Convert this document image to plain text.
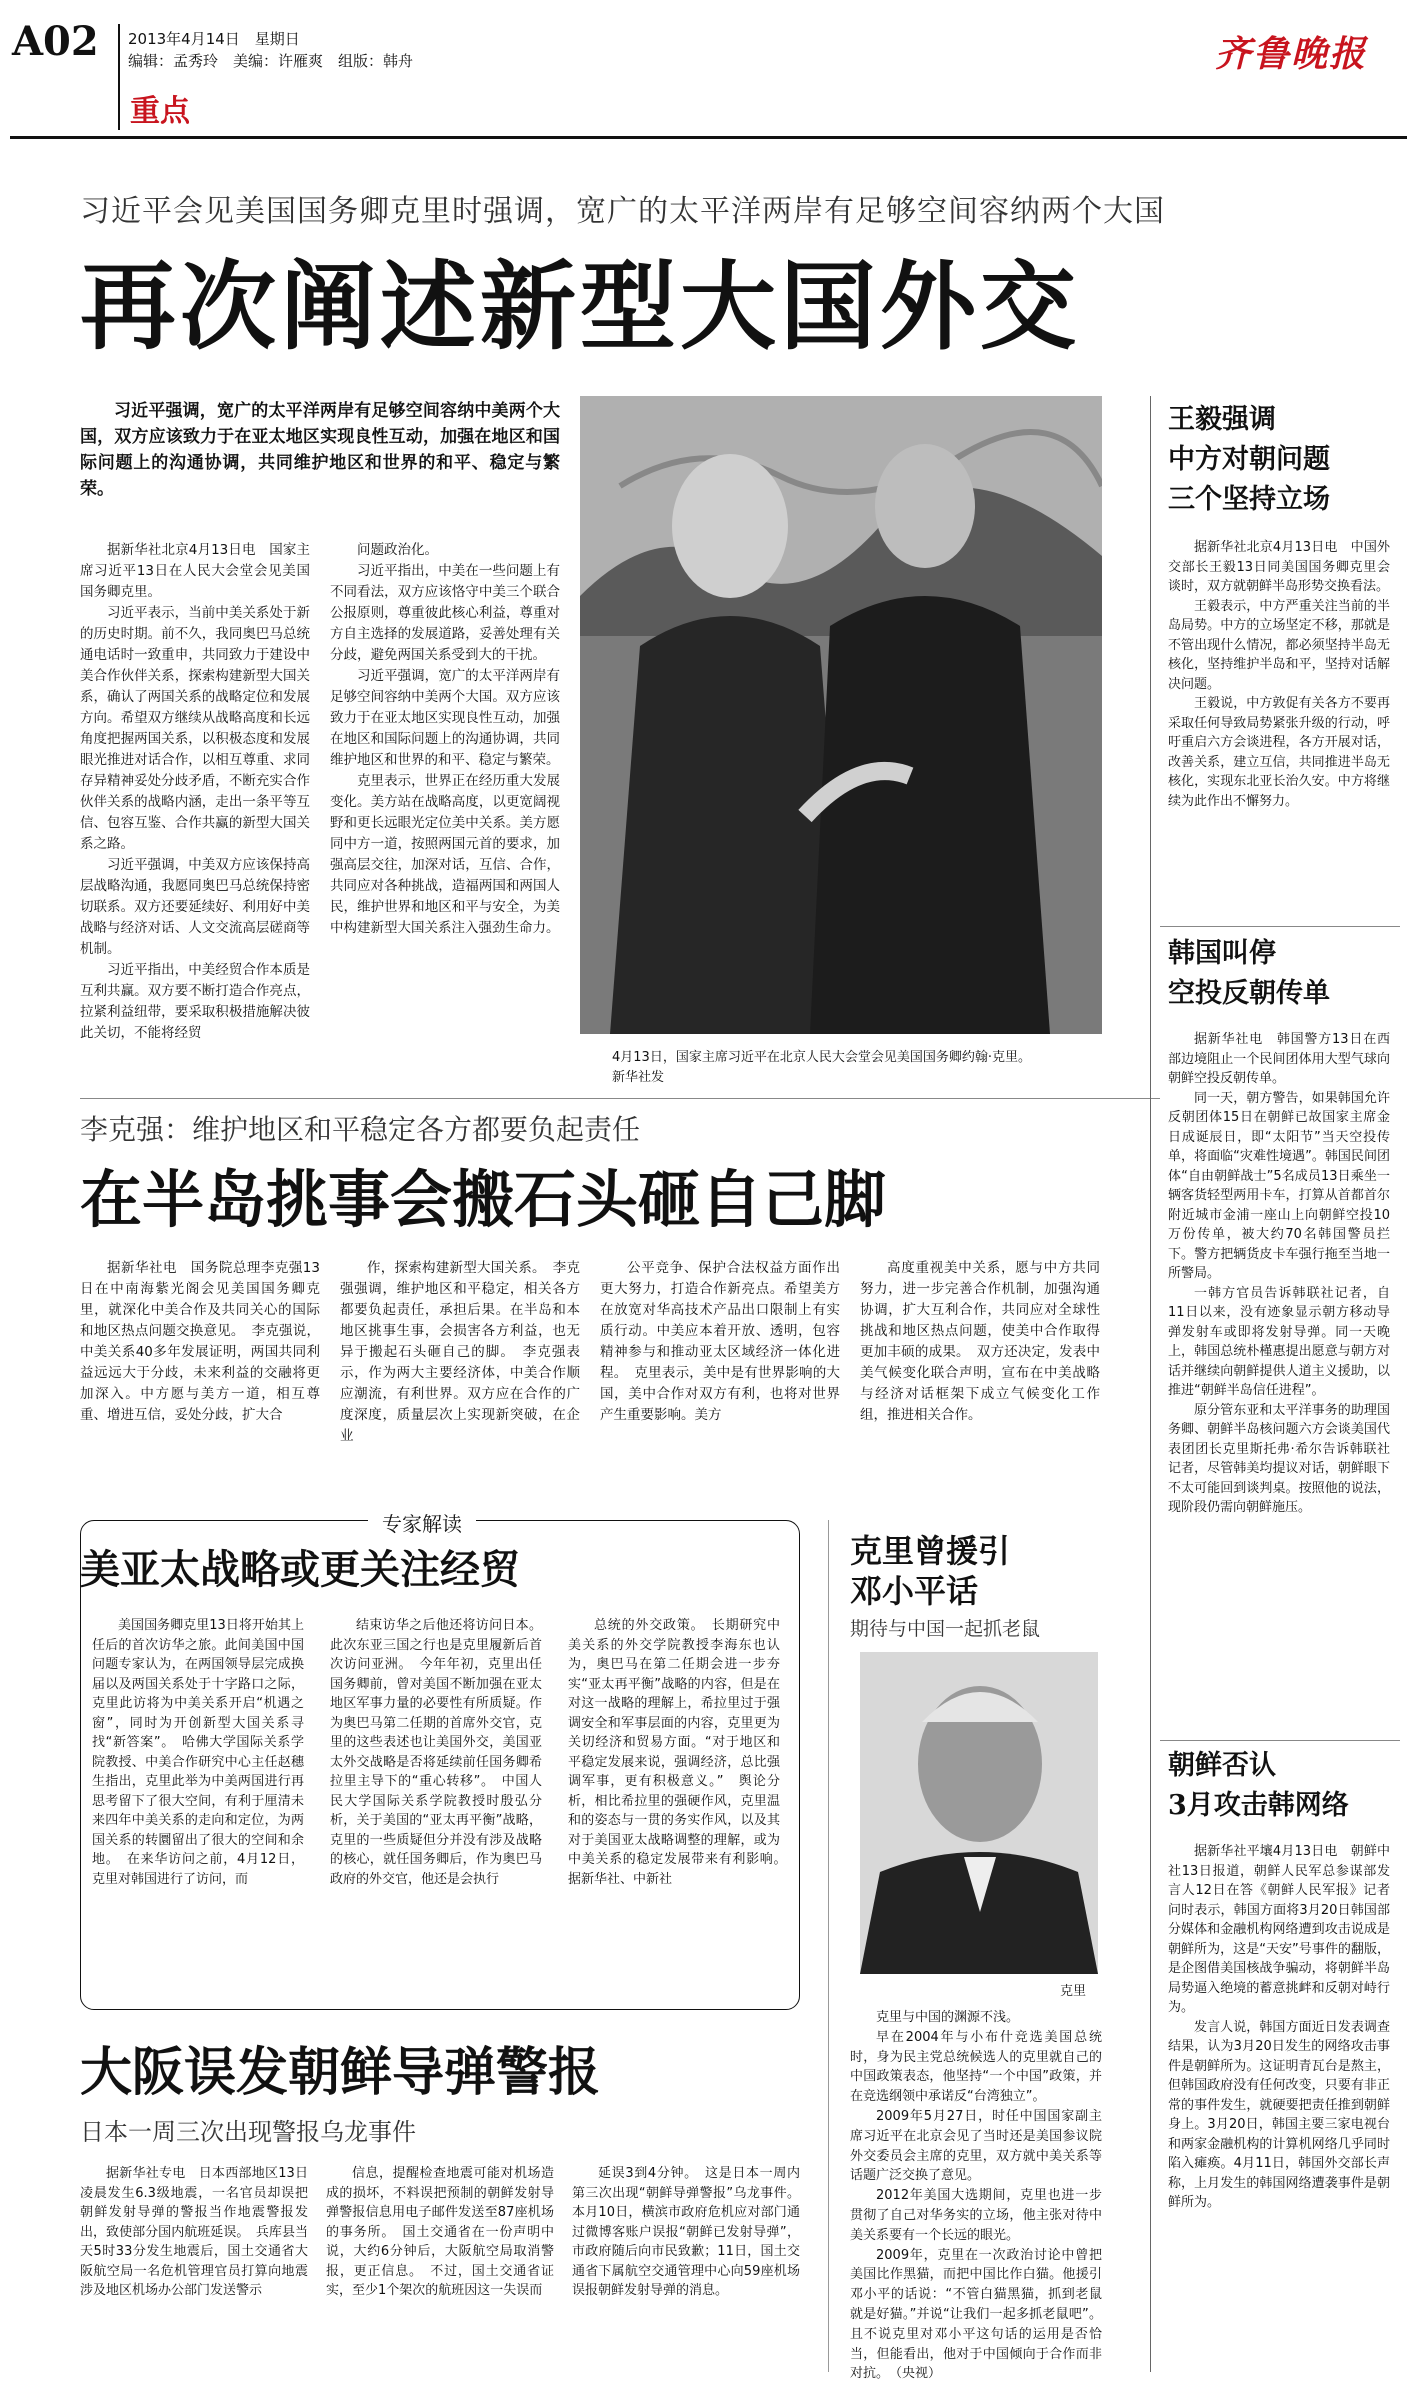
A02 2013年4月14日　星期日
编辑：孟秀玲　美编：许雁爽　组版：韩舟
重点
齐鲁晚报
习近平会见美国国务卿克里时强调，宽广的太平洋两岸有足够空间容纳两个大国
再次阐述新型大国外交

习近平强调，宽广的太平洋两岸有足够空间容纳中美两个大国，双方应该致力于在亚太地区实现良性互动，加强在地区和国际问题上的沟通协调，共同维护地区和世界的和平、稳定与繁荣。

据新华社北京4月13日电　国家主席习近平13日在人民大会堂会见美国国务卿克里。

习近平表示，当前中美关系处于新的历史时期。前不久，我同奥巴马总统通电话时一致重申，共同致力于建设中美合作伙伴关系，探索构建新型大国关系，确认了两国关系的战略定位和发展方向。希望双方继续从战略高度和长远角度把握两国关系，以积极态度和发展眼光推进对话合作，以相互尊重、求同存异精神妥处分歧矛盾，不断充实合作伙伴关系的战略内涵，走出一条平等互信、包容互鉴、合作共赢的新型大国关系之路。

习近平强调，中美双方应该保持高层战略沟通，我愿同奥巴马总统保持密切联系。双方还要延续好、利用好中美战略与经济对话、人文交流高层磋商等机制。

习近平指出，中美经贸合作本质是互利共赢。双方要不断打造合作亮点，拉紧利益纽带，要采取积极措施解决彼此关切，不能将经贸

问题政治化。

习近平指出，中美在一些问题上有不同看法，双方应该恪守中美三个联合公报原则，尊重彼此核心利益，尊重对方自主选择的发展道路，妥善处理有关分歧，避免两国关系受到大的干扰。

习近平强调，宽广的太平洋两岸有足够空间容纳中美两个大国。双方应该致力于在亚太地区实现良性互动，加强在地区和国际问题上的沟通协调，共同维护地区和世界的和平、稳定与繁荣。

克里表示，世界正在经历重大发展变化。美方站在战略高度，以更宽阔视野和更长远眼光定位美中关系。美方愿同中方一道，按照两国元首的要求，加强高层交往，加深对话，互信、合作，共同应对各种挑战，造福两国和两国人民，维护世界和地区和平与安全，为美中构建新型大国关系注入强劲生命力。

4月13日，国家主席习近平在北京人民大会堂会见美国国务卿约翰·克里。　　　　　　　新华社发
李克强：维护地区和平稳定各方都要负起责任
在半岛挑事会搬石头砸自己脚

据新华社电　国务院总理李克强13日在中南海紫光阁会见美国国务卿克里，就深化中美合作及共同关心的国际和地区热点问题交换意见。　李克强说，中美关系40多年发展证明，两国共同利益远远大于分歧，未来利益的交融将更加深入。中方愿与美方一道，相互尊重、增进互信，妥处分歧，扩大合

作，探索构建新型大国关系。　李克强强调，维护地区和平稳定，相关各方都要负起责任，承担后果。在半岛和本地区挑事生事，会损害各方利益，也无异于搬起石头砸自己的脚。　李克强表示，作为两大主要经济体，中美合作顺应潮流，有利世界。双方应在合作的广度深度，质量层次上实现新突破，在企业

公平竞争、保护合法权益方面作出更大努力，打造合作新亮点。希望美方在放宽对华高技术产品出口限制上有实质行动。中美应本着开放、透明，包容精神参与和推动亚太区域经济一体化进程。　克里表示，美中是有世界影响的大国，美中合作对双方有利，也将对世界产生重要影响。美方

高度重视美中关系，愿与中方共同努力，进一步完善合作机制，加强沟通协调，扩大互利合作，共同应对全球性挑战和地区热点问题，使美中合作取得更加丰硕的成果。　双方还决定，发表中美气候变化联合声明，宣布在中美战略与经济对话框架下成立气候变化工作组，推进相关合作。

专家解读
美亚太战略或更关注经贸

美国国务卿克里13日将开始其上任后的首次访华之旅。此间美国中国问题专家认为，在两国领导层完成换届以及两国关系处于十字路口之际，克里此访将为中美关系开启“机遇之窗”，同时为开创新型大国关系寻找“新答案”。　哈佛大学国际关系学院教授、中美合作研究中心主任赵穗生指出，克里此举为中美两国进行再思考留下了很大空间，有利于厘清未来四年中美关系的走向和定位，为两国关系的转圜留出了很大的空间和余地。　在来华访问之前，4月12日，克里对韩国进行了访问，而

结束访华之后他还将访问日本。此次东亚三国之行也是克里履新后首次访问亚洲。　今年年初，克里出任国务卿前，曾对美国不断加强在亚太地区军事力量的必要性有所质疑。作为奥巴马第二任期的首席外交官，克里的这些表述也让美国外交，美国亚太外交战略是否将延续前任国务卿希拉里主导下的“重心转移”。　中国人民大学国际关系学院教授时殷弘分析，关于美国的“亚太再平衡”战略，克里的一些质疑但分并没有涉及战略的核心，就任国务卿后，作为奥巴马政府的外交官，他还是会执行

总统的外交政策。　长期研究中美关系的外交学院教授李海东也认为，奥巴马在第二任期会进一步夯实“亚太再平衡”战略的内容，但是在对这一战略的理解上，希拉里过于强调安全和军事层面的内容，克里更为关切经济和贸易方面。“对于地区和平稳定发展来说，强调经济，总比强调军事，更有积极意义。”　舆论分析，相比希拉里的强硬作风，克里温和的姿态与一贯的务实作风，以及其对于美国亚太战略调整的理解，或为中美关系的稳定发展带来有利影响。　据新华社、中新社

克里曾援引
邓小平话
期待与中国一起抓老鼠
克里

克里与中国的渊源不浅。

早在2004年与小布什竞选美国总统时，身为民主党总统候选人的克里就自己的中国政策表态，他坚持“一个中国”政策，并在竞选纲领中承诺反“台湾独立”。

2009年5月27日，时任中国国家副主席习近平在北京会见了当时还是美国参议院外交委员会主席的克里，双方就中美关系等话题广泛交换了意见。

2012年美国大选期间，克里也进一步贯彻了自己对华务实的立场，他主张对待中美关系要有一个长远的眼光。

2009年，克里在一次政治讨论中曾把美国比作黑猫，而把中国比作白猫。他援引邓小平的话说：“不管白猫黑猫，抓到老鼠就是好猫。”并说“让我们一起多抓老鼠吧”。且不说克里对邓小平这句话的运用是否恰当，但能看出，他对于中国倾向于合作而非对抗。　（央视）

大阪误发朝鲜导弹警报
日本一周三次出现警报乌龙事件

据新华社专电　日本西部地区13日凌晨发生6.3级地震，一名官员却误把朝鲜发射导弹的警报当作地震警报发出，致使部分国内航班延误。　兵库县当天5时33分发生地震后，国土交通省大阪航空局一名危机管理官员打算向地震涉及地区机场办公部门发送警示

信息，提醒检查地震可能对机场造成的损坏，不料误把预制的朝鲜发射导弹警报信息用电子邮件发送至87座机场的事务所。　国土交通省在一份声明中说，大约6分钟后，大阪航空局取消警报，更正信息。　不过，国土交通省证实，至少1个架次的航班因这一失误而

延误3到4分钟。　这是日本一周内第三次出现“朝鲜导弹警报”乌龙事件。本月10日，横滨市政府危机应对部门通过微博客账户误报“朝鲜已发射导弹”，市政府随后向市民致歉；11日，国土交通省下属航空交通管理中心向59座机场误报朝鲜发射导弹的消息。

王毅强调
中方对朝问题
三个坚持立场

据新华社北京4月13日电　中国外交部长王毅13日同美国国务卿克里会谈时，双方就朝鲜半岛形势交换看法。

王毅表示，中方严重关注当前的半岛局势。中方的立场坚定不移，那就是不管出现什么情况，都必须坚持半岛无核化，坚持维护半岛和平，坚持对话解决问题。

王毅说，中方敦促有关各方不要再采取任何导致局势紧张升级的行动，呼吁重启六方会谈进程，各方开展对话，改善关系，建立互信，共同推进半岛无核化，实现东北亚长治久安。中方将继续为此作出不懈努力。

韩国叫停
空投反朝传单

据新华社电　韩国警方13日在西部边境阻止一个民间团体用大型气球向朝鲜空投反朝传单。

同一天，朝方警告，如果韩国允许反朝团体15日在朝鲜已故国家主席金日成诞辰日，即“太阳节”当天空投传单，将面临“灾难性境遇”。韩国民间团体“自由朝鲜战士”5名成员13日乘坐一辆客货轻型两用卡车，打算从首都首尔附近城市金浦一座山上向朝鲜空投10万份传单，被大约70名韩国警员拦下。警方把辆货皮卡车强行拖至当地一所警局。

一韩方官员告诉韩联社记者，自11日以来，没有迹象显示朝方移动导弹发射车或即将发射导弹。同一天晚上，韩国总统朴槿惠提出愿意与朝方对话并继续向朝鲜提供人道主义援助，以推进“朝鲜半岛信任进程”。

原分管东亚和太平洋事务的助理国务卿、朝鲜半岛核问题六方会谈美国代表团团长克里斯托弗·希尔告诉韩联社记者，尽管韩美均提议对话，朝鲜眼下不太可能回到谈判桌。按照他的说法，现阶段仍需向朝鲜施压。

朝鲜否认
3月攻击韩网络

据新华社平壤4月13日电　朝鲜中社13日报道，朝鲜人民军总参谋部发言人12日在答《朝鲜人民军报》记者问时表示，韩国方面将3月20日韩国部分媒体和金融机构网络遭到攻击说成是朝鲜所为，这是“天安”号事件的翻版，是企图借美国核战争骗动，将朝鲜半岛局势逼入绝境的蓄意挑衅和反朝对峙行为。

发言人说，韩国方面近日发表调查结果，认为3月20日发生的网络攻击事件是朝鲜所为。这证明青瓦台是熬主，但韩国政府没有任何改变，只要有非正常的事件发生，就硬要把责任推到朝鲜身上。3月20日，韩国主要三家电视台和两家金融机构的计算机网络几乎同时陷入瘫痪。4月11日，韩国外交部长声称，上月发生的韩国网络遭袭事件是朝鲜所为。
